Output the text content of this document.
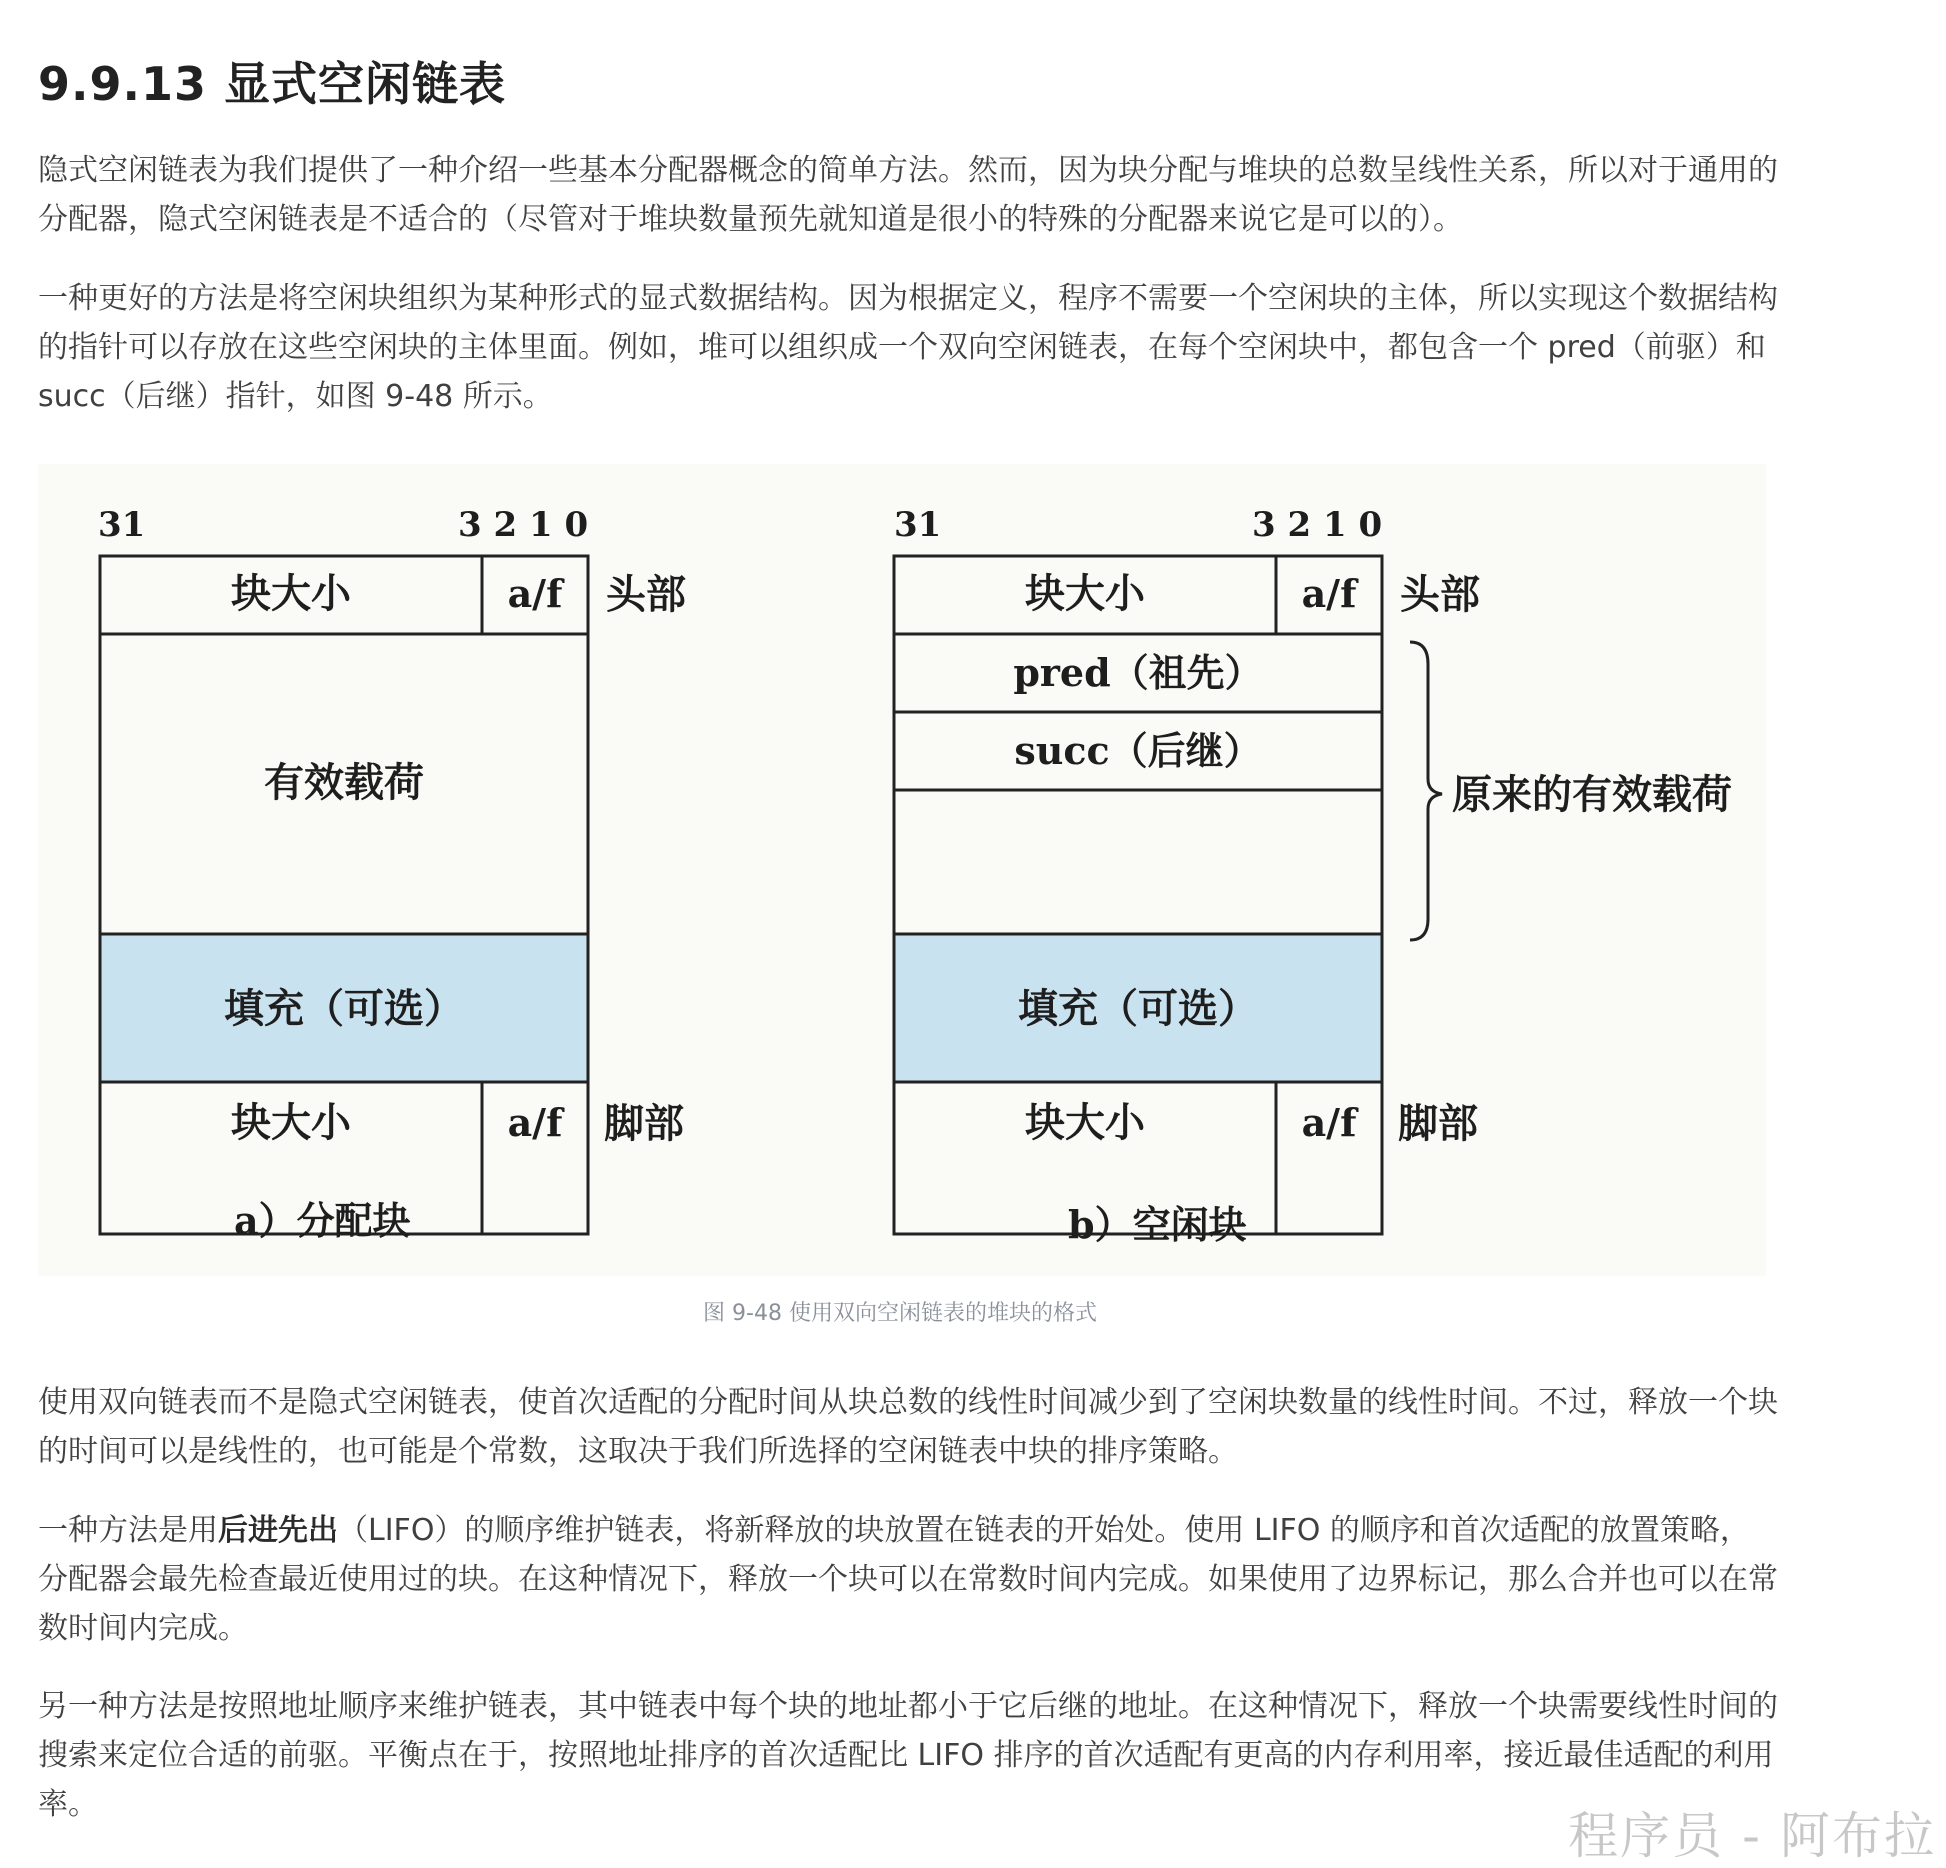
9.9.13 显式空闲链表

隐式空闲链表为我们提供了一种介绍一些基本分配器概念的简单方法。然而，因为块分配与堆块的总数呈线性关系，所以对于通用的分配器，隐式空闲链表是不适合的（尽管对于堆块数量预先就知道是很小的特殊的分配器来说它是可以的）。

一种更好的方法是将空闲块组织为某种形式的显式数据结构。因为根据定义，程序不需要一个空闲块的主体，所以实现这个数据结构的指针可以存放在这些空闲块的主体里面。例如，堆可以组织成一个双向空闲链表，在每个空闲块中，都包含一个 pred（前驱）和 succ（后继）指针，如图 9-48 所示。

31	3 2 1 0
块大小	a/f 头部
有效载荷
填充（可选）
块大小	a/f 脚部
a）分配块
31	3 2 1 0
块大小	a/f 头部
pred（祖先）
succ（后继）
原来的有效载荷
填充（可选）
块大小	a/f 脚部
b）空闲块
图 9-48 使用双向空闲链表的堆块的格式

使用双向链表而不是隐式空闲链表，使首次适配的分配时间从块总数的线性时间减少到了空闲块数量的线性时间。不过，释放一个块的时间可以是线性的，也可能是个常数，这取决于我们所选择的空闲链表中块的排序策略。

一种方法是用后进先出（LIFO）的顺序维护链表，将新释放的块放置在链表的开始处。使用 LIFO 的顺序和首次适配的放置策略，分配器会最先检查最近使用过的块。在这种情况下，释放一个块可以在常数时间内完成。如果使用了边界标记，那么合并也可以在常数时间内完成。

另一种方法是按照地址顺序来维护链表，其中链表中每个块的地址都小于它后继的地址。在这种情况下，释放一个块需要线性时间的搜索来定位合适的前驱。平衡点在于，按照地址排序的首次适配比 LIFO 排序的首次适配有更高的内存利用率，接近最佳适配的利用率。

程序员 - 阿布拉
